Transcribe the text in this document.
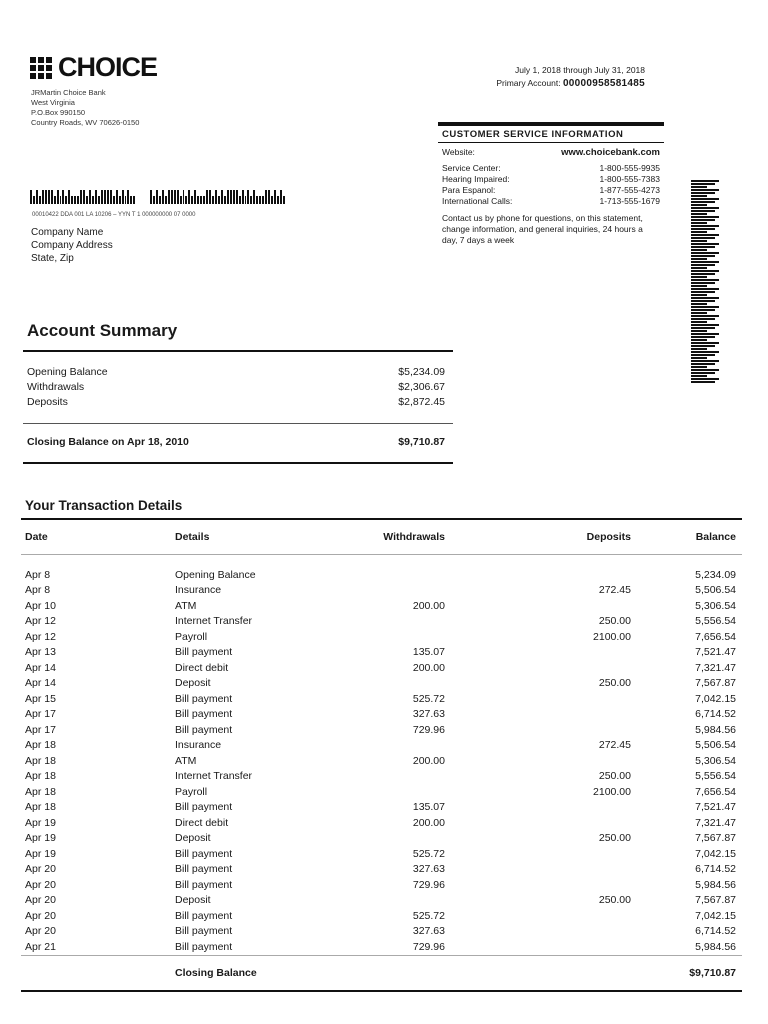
CHOICE
JRMartin Choice Bank
West Virginia
P.O.Box 990150
Country Roads, WV 70626-0150
July 1, 2018 through July 31, 2018
Primary Account: 00000958581485
CUSTOMER SERVICE INFORMATION
Website:	www.choicebank.com
Service Center:	1-800-555-9935
Hearing Impaired:	1-800-555-7383
Para Espanol:	1-877-555-4273
International Calls:	1-713-555-1679
Contact us by phone for questions, on this statement, change information, and general inquiries, 24 hours a day, 7 days a week
00010422 DDA 001 LA 10206 – YYN T 1 000000000 07 0000
Company Name
Company Address
State, Zip
Account Summary
Opening Balance	$5,234.09
Withdrawals	$2,306.67
Deposits	$2,872.45
Closing Balance on Apr 18, 2010	$9,710.87
Your Transaction Details
Date	Details	Withdrawals	Deposits	Balance
Apr 8	Opening Balance			5,234.09
Apr 8	Insurance		272.45	5,506.54
Apr 10	ATM	200.00		5,306.54
Apr 12	Internet Transfer		250.00	5,556.54
Apr 12	Payroll		2100.00	7,656.54
Apr 13	Bill payment	135.07		7,521.47
Apr 14	Direct debit	200.00		7,321.47
Apr 14	Deposit		250.00	7,567.87
Apr 15	Bill payment	525.72		7,042.15
Apr 17	Bill payment	327.63		6,714.52
Apr 17	Bill payment	729.96		5,984.56
Apr 18	Insurance		272.45	5,506.54
Apr 18	ATM	200.00		5,306.54
Apr 18	Internet Transfer		250.00	5,556.54
Apr 18	Payroll		2100.00	7,656.54
Apr 18	Bill payment	135.07		7,521.47
Apr 19	Direct debit	200.00		7,321.47
Apr 19	Deposit		250.00	7,567.87
Apr 19	Bill payment	525.72		7,042.15
Apr 20	Bill payment	327.63		6,714.52
Apr 20	Bill payment	729.96		5,984.56
Apr 20	Deposit		250.00	7,567.87
Apr 20	Bill payment	525.72		7,042.15
Apr 20	Bill payment	327.63		6,714.52
Apr 21	Bill payment	729.96		5,984.56
	Closing Balance			$9,710.87
